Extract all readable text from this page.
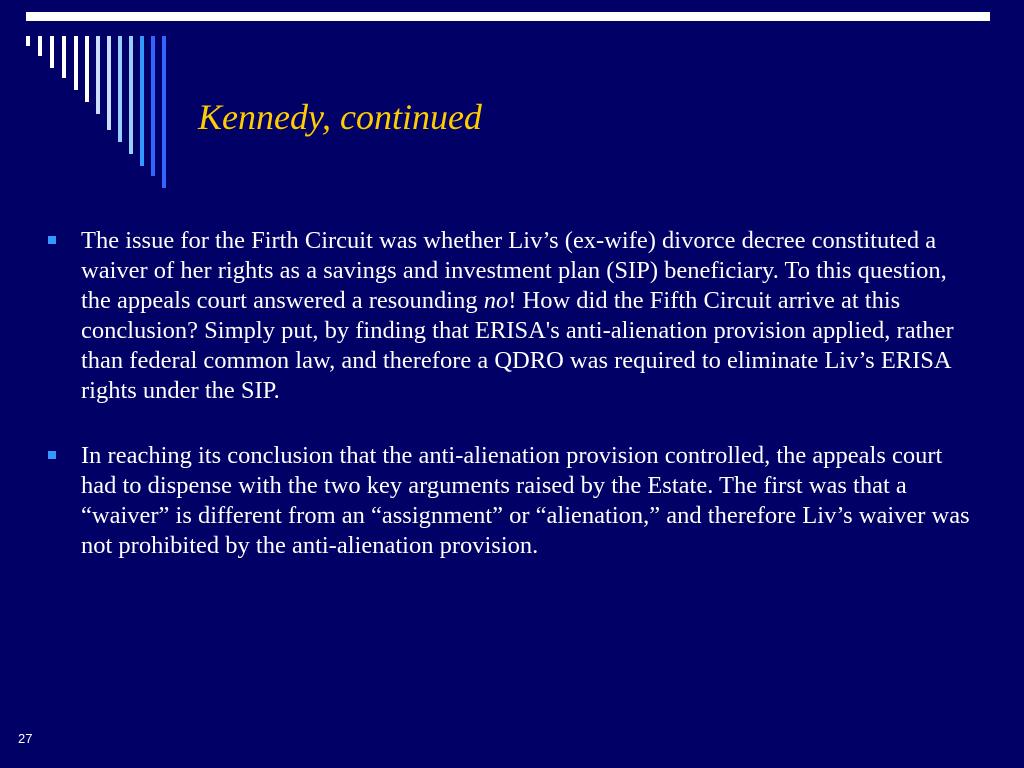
Kennedy, continued
The issue for the Firth Circuit was whether Liv’s (ex-wife) divorce decree constituted a waiver of her rights as a savings and investment plan (SIP) beneficiary. To this question, the appeals court answered a resounding no! How did the Fifth Circuit arrive at this conclusion? Simply put, by finding that ERISA's anti-alienation provision applied, rather than federal common law, and therefore a QDRO was required to eliminate Liv’s ERISA rights under the SIP.
In reaching its conclusion that the anti-alienation provision controlled, the appeals court had to dispense with the two key arguments raised by the Estate. The first was that a “waiver” is different from an “assignment” or “alienation,” and therefore Liv’s waiver was not prohibited by the anti-alienation provision.
27
